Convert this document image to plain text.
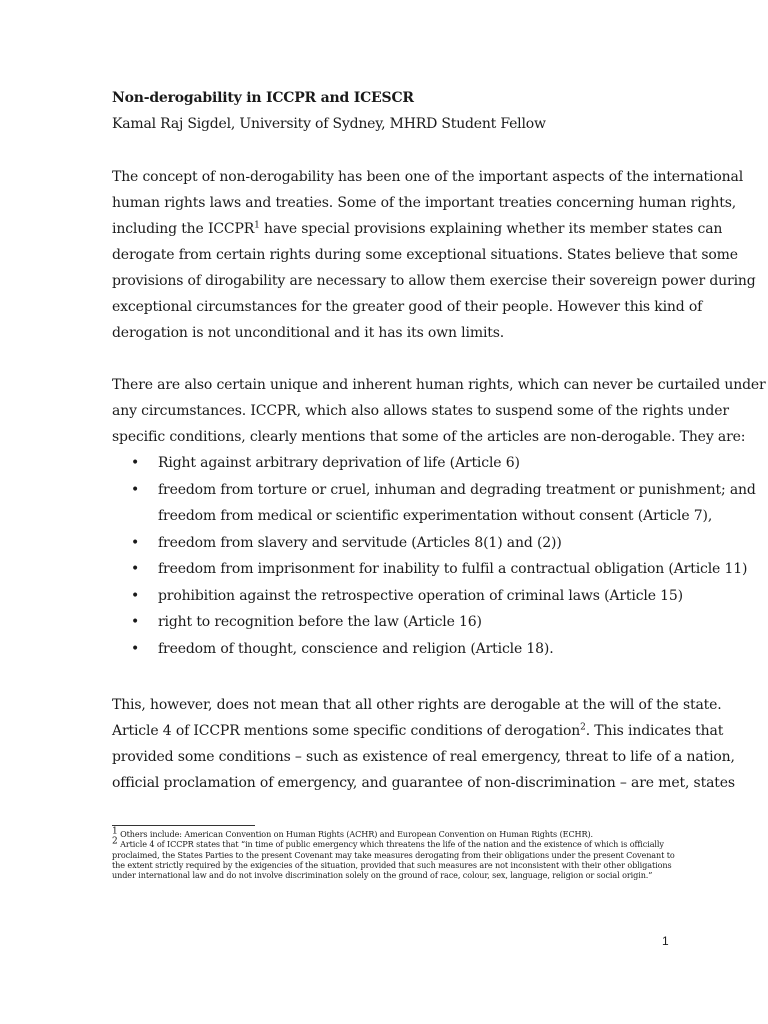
Non-derogability in ICCPR and ICESCR
Kamal Raj Sigdel, University of Sydney, MHRD Student Fellow
The concept of non-derogability has been one of the important aspects of the international
human rights laws and treaties. Some of the important treaties concerning human rights,
including the ICCPR$^1$ have special provisions explaining whether its member states can
derogate from certain rights during some exceptional situations. States believe that some
provisions of dirogability are necessary to allow them exercise their sovereign power during
exceptional circumstances for the greater good of their people. However this kind of
derogation is not unconditional and it has its own limits.
There are also certain unique and inherent human rights, which can never be curtailed under
any circumstances. ICCPR, which also allows states to suspend some of the rights under
specific conditions, clearly mentions that some of the articles are non-derogable. They are:
• Right against arbitrary deprivation of life (Article 6)
• freedom from torture or cruel, inhuman and degrading treatment or punishment; and
freedom from medical or scientific experimentation without consent (Article 7),
• freedom from slavery and servitude (Articles 8(1) and (2))
• freedom from imprisonment for inability to fulfil a contractual obligation (Article 11)
• prohibition against the retrospective operation of criminal laws (Article 15)
• right to recognition before the law (Article 16)
• freedom of thought, conscience and religion (Article 18).
This, however, does not mean that all other rights are derogable at the will of the state.
Article 4 of ICCPR mentions some specific conditions of derogation$^2$. This indicates that
provided some conditions – such as existence of real emergency, threat to life of a nation,
official proclamation of emergency, and guarantee of non-discrimination – are met, states
$^1$ Others include: American Convention on Human Rights (ACHR) and European Convention on Human Rights (ECHR).
$^2$ Article 4 of ICCPR states that “in time of public emergency which threatens the life of the nation and the existence of which is officially
proclaimed, the States Parties to the present Covenant may take measures derogating from their obligations under the present Covenant to
the extent strictly required by the exigencies of the situation, provided that such measures are not inconsistent with their other obligations
under international law and do not involve discrimination solely on the ground of race, colour, sex, language, religion or social origin.”
1
